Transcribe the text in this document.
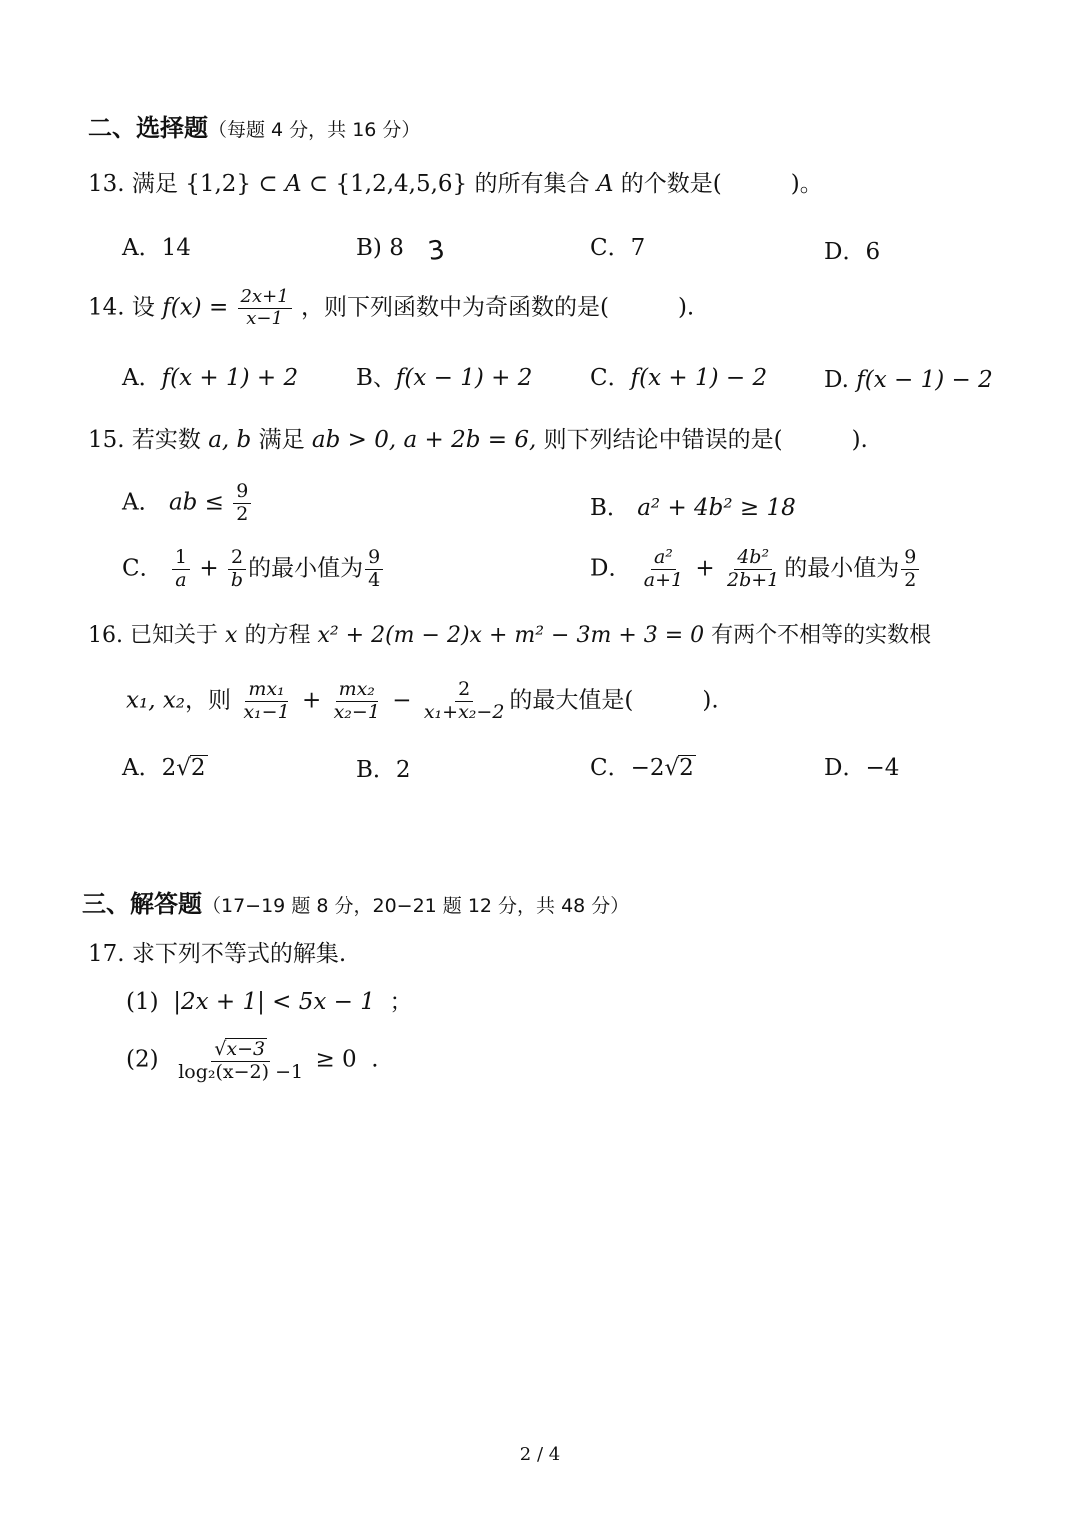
二、选择题（每题 4 分，共 16 分）
13. 满足 {1,2} ⊂ A ⊂ {1,2,4,5,6} 的所有集合 A 的个数是(　　　)。
A．14	B) 8 3	C．7	D．6
14. 设 $f(x) = \frac{2x+1}{x-1}$ ，则下列函数中为奇函数的是(　　　).
A．f(x + 1) + 2	B、f(x − 1) + 2	C．f(x + 1) − 2 D. f(x − 1) − 2
15. 若实数 a, b 满足 ab > 0, a + 2b = 6, 则下列结论中错误的是(　　　).
A． ab ≤ $\frac{9}{2}$	B． a² + 4b² ≥ 18
C． $\frac{1}{a} + \frac{2}{b}$ 的最小值为 $\frac{9}{4}$	D． $\frac{\text{a²}}{a+1} + \frac{\text{4b²}}{2b+1}$ 的最小值为 $\frac{9}{2}$
16. 已知关于 x 的方程 x² + 2(m − 2)x + m² − 3m + 3 = 0 有两个不相等的实数根
x₁, x₂，则 $\frac{\text{mx₁}}{\text{x₁−1}} + \frac{\text{mx₂}}{\text{x₂−1}} - \frac{2}{\text{x₁+x₂−2}}$ 的最大值是(　　　).
A．2√2	B．2	C．−2√2	D．−4
三、解答题（17−19 题 8 分，20−21 题 12 分，共 48 分）
17. 求下列不等式的解集.
(1) |2x + 1| < 5x − 1 ；
$(2) \frac{√x-3}{\text{log₂(x−2) −1}} \ge 0$ .
2 / 4
